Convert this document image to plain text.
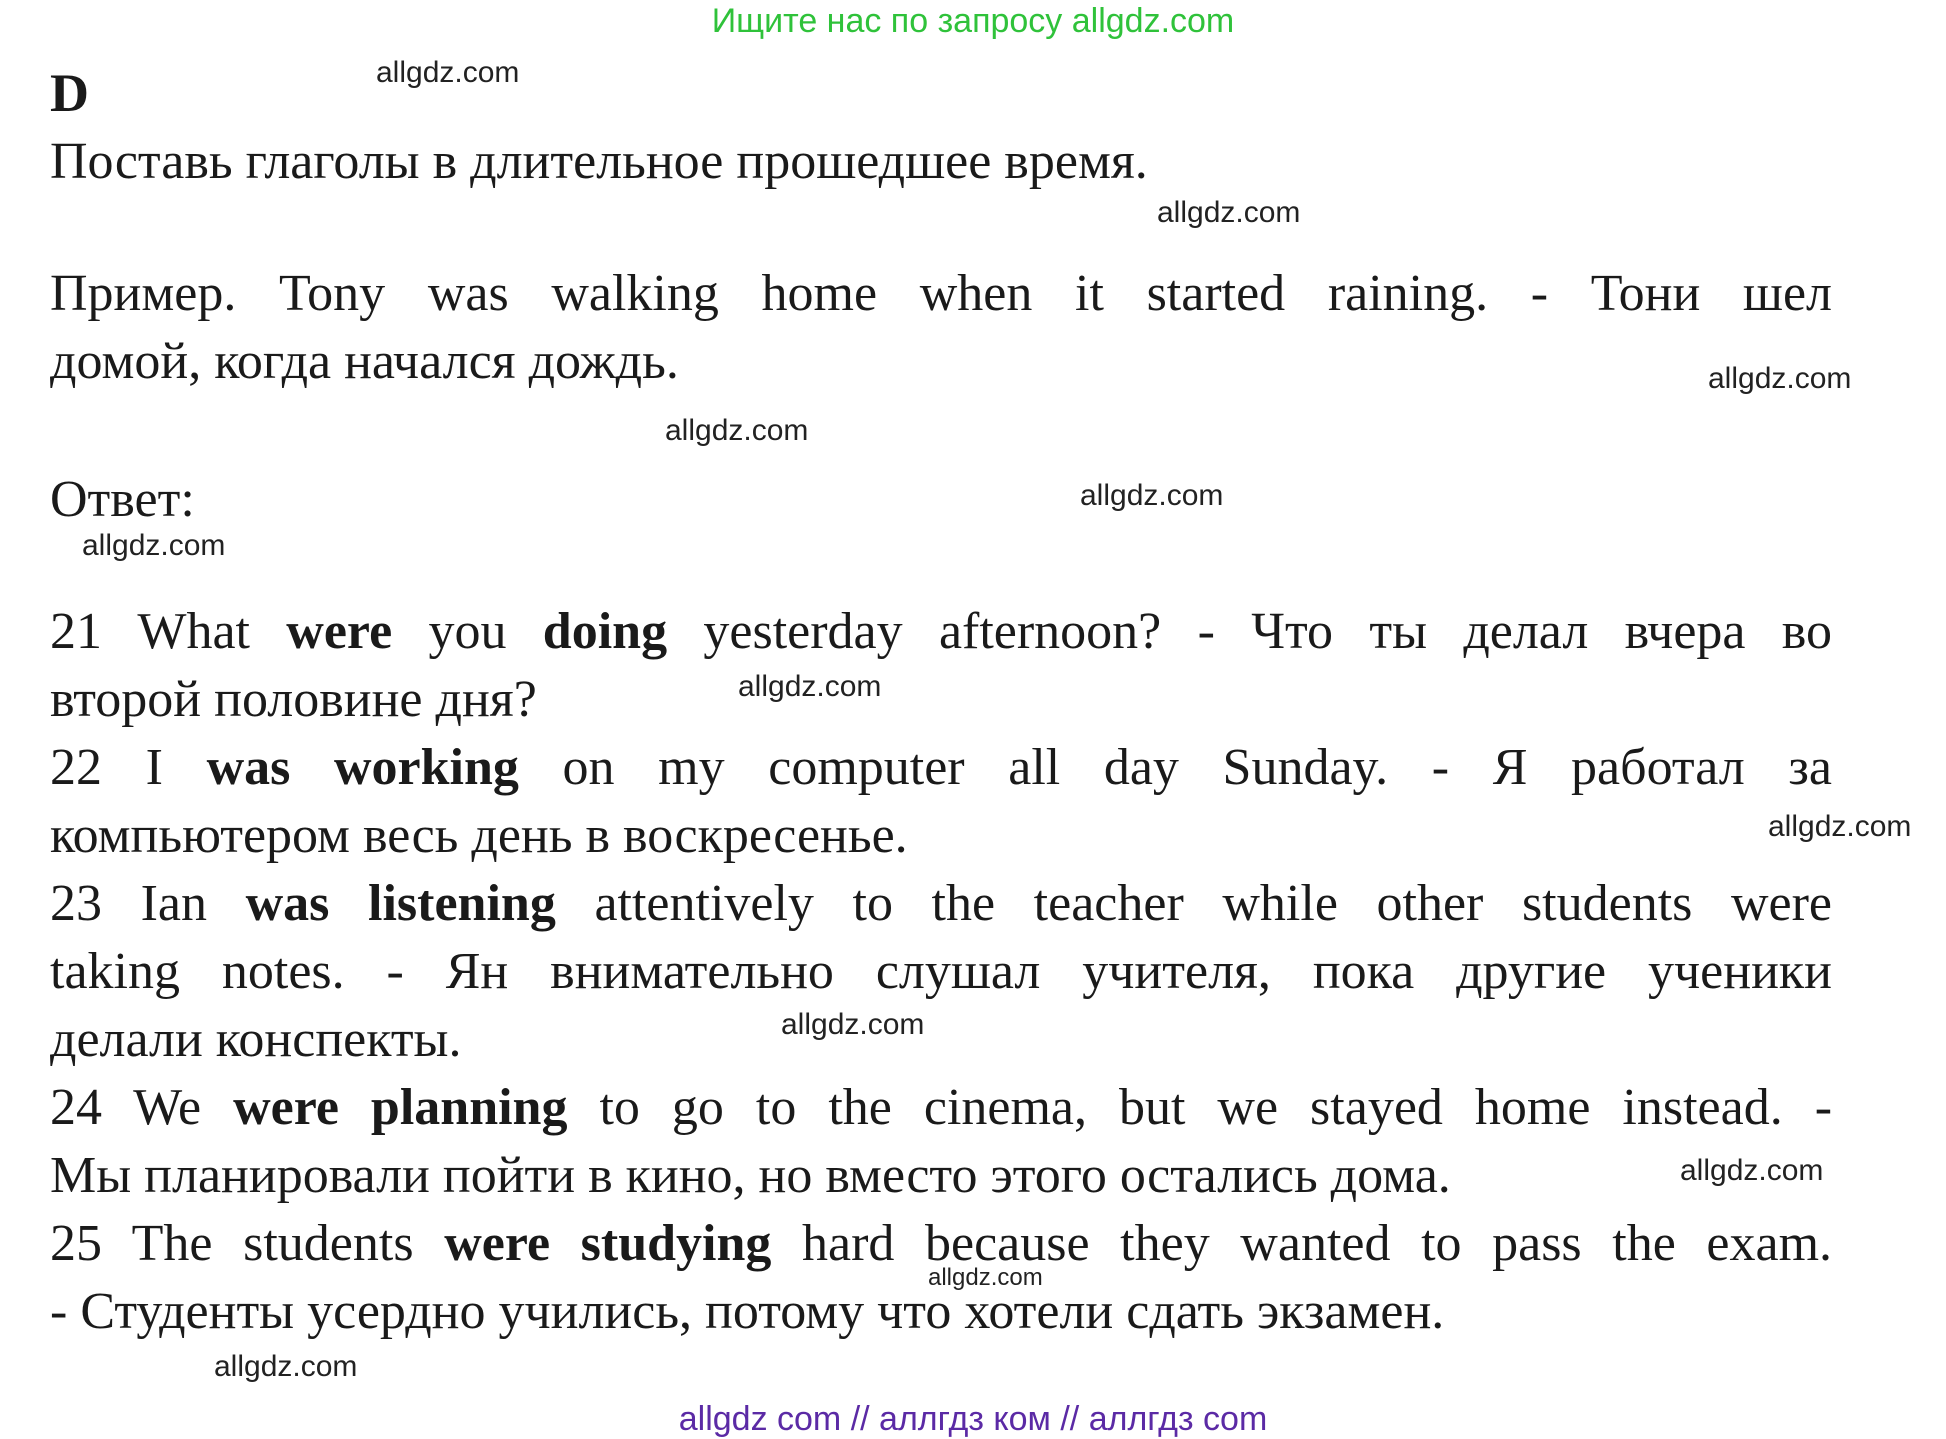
Ищите нас по запросу allgdz.com
D
Поставь глаголы в длительное прошедшее время.
Пример. Tony was walking home when it started raining. - Тони шел
домой, когда начался дождь.
Ответ:
21 What were you doing yesterday afternoon? - Что ты делал вчера во
второй половине дня?
22 I was working on my computer all day Sunday. - Я работал за
компьютером весь день в воскресенье.
23 Ian was listening attentively to the teacher while other students were
taking notes. - Ян внимательно слушал учителя, пока другие ученики
делали конспекты.
24 We were planning to go to the cinema, but we stayed home instead. -
Мы планировали пойти в кино, но вместо этого остались дома.
25 The students were studying hard because they wanted to pass the exam.
- Студенты усердно учились, потому что хотели сдать экзамен.
allgdz.com
allgdz.com
allgdz.com
allgdz.com
allgdz.com
allgdz.com
allgdz.com
allgdz.com
allgdz.com
allgdz.com
allgdz.com
allgdz.com
allgdz com // аллгдз ком // аллгдз com
